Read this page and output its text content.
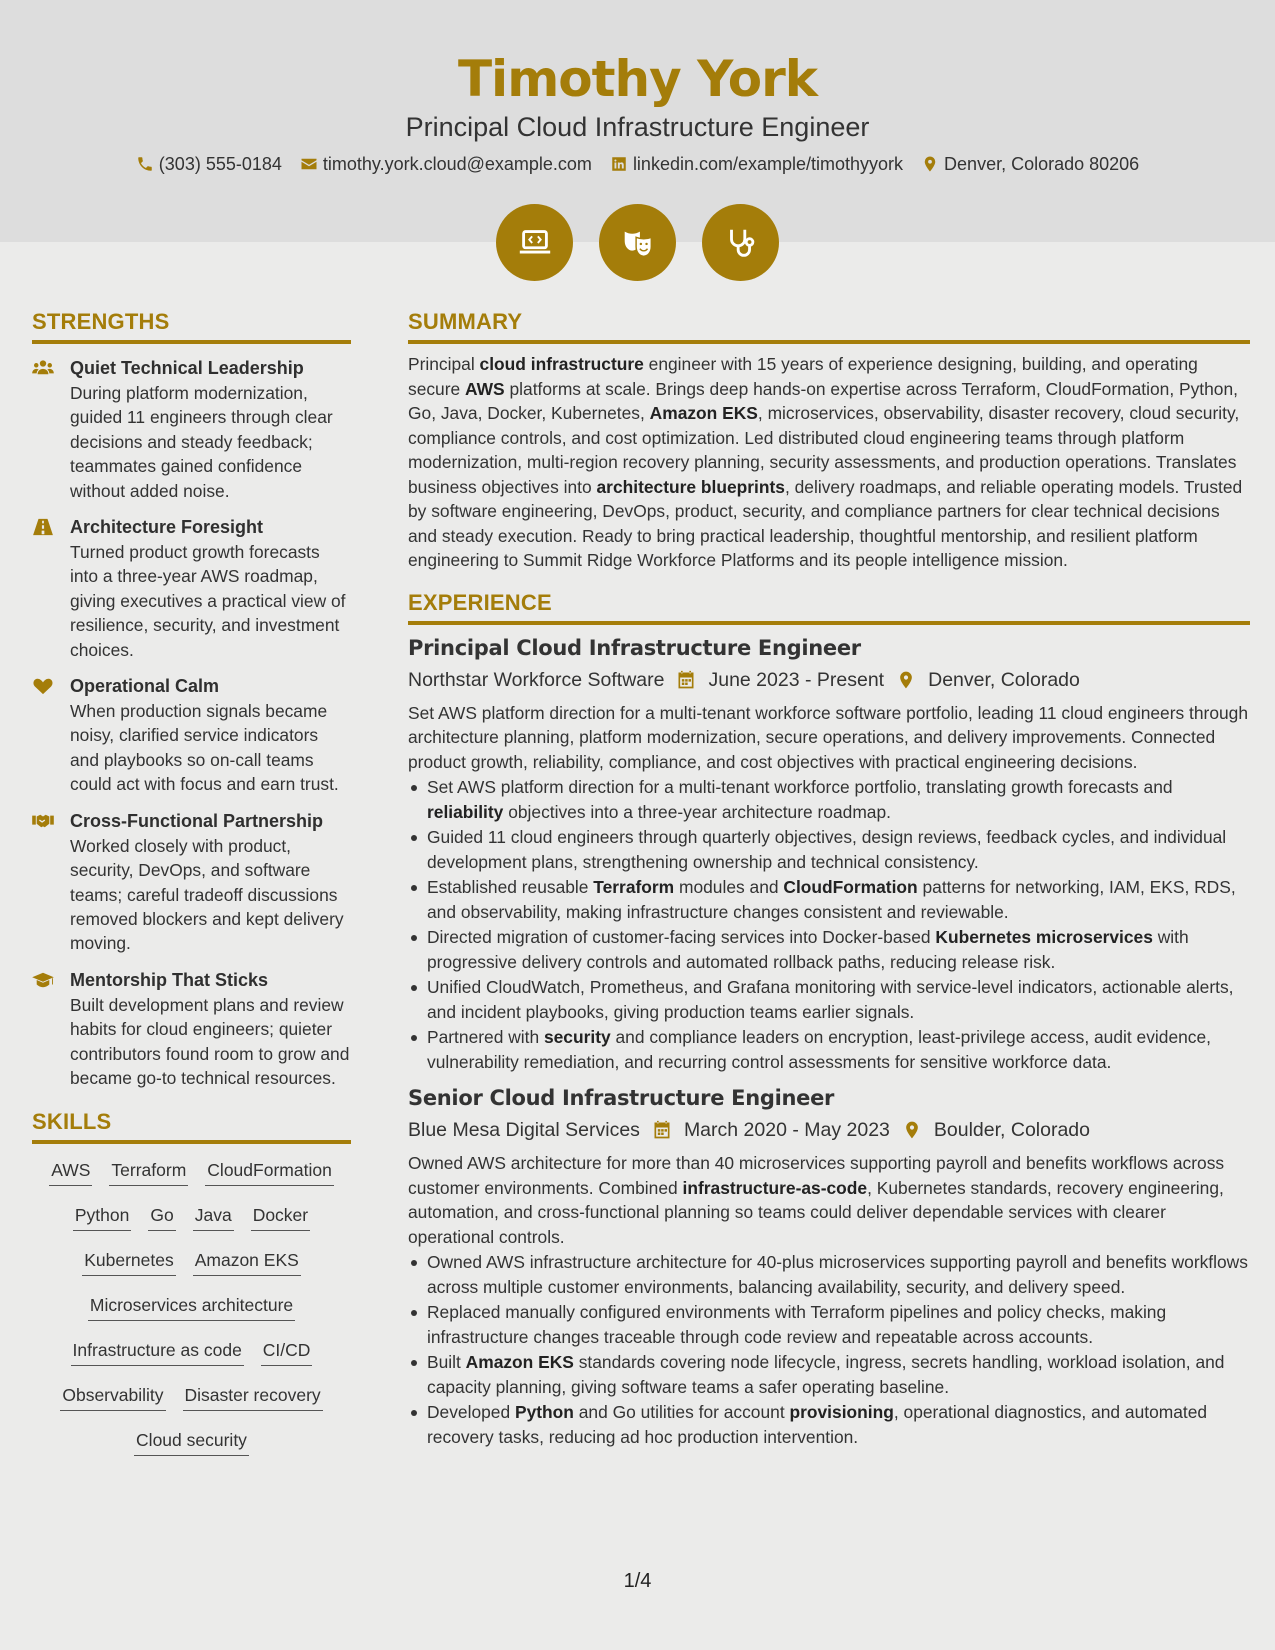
Timothy York
Principal Cloud Infrastructure Engineer
(303) 555-0184 timothy.york.cloud@example.com linkedin.com/example/timothyyork Denver, Colorado 80206
STRENGTHS
Quiet Technical Leadership
During platform modernization, guided 11 engineers through clear decisions and steady feedback; teammates gained confidence without added noise.
Architecture Foresight
Turned product growth forecasts into a three-year AWS roadmap, giving executives a practical view of resilience, security, and investment choices.
Operational Calm
When production signals became noisy, clarified service indicators and playbooks so on-call teams could act with focus and earn trust.
Cross-Functional Partnership
Worked closely with product, security, DevOps, and software teams; careful tradeoff discussions removed blockers and kept delivery moving.
Mentorship That Sticks
Built development plans and review habits for cloud engineers; quieter contributors found room to grow and became go-to technical resources.
SKILLS
AWS Terraform CloudFormation
Python Go Java Docker
Kubernetes Amazon EKS
Microservices architecture
Infrastructure as code CI/CD
Observability Disaster recovery
Cloud security
SUMMARY
Principal cloud infrastructure engineer with 15 years of experience designing, building, and operating secure AWS platforms at scale. Brings deep hands-on expertise across Terraform, CloudFormation, Python, Go, Java, Docker, Kubernetes, Amazon EKS, microservices, observability, disaster recovery, cloud security, compliance controls, and cost optimization. Led distributed cloud engineering teams through platform modernization, multi-region recovery planning, security assessments, and production operations. Translates business objectives into architecture blueprints, delivery roadmaps, and reliable operating models. Trusted by software engineering, DevOps, product, security, and compliance partners for clear technical decisions and steady execution. Ready to bring practical leadership, thoughtful mentorship, and resilient platform engineering to Summit Ridge Workforce Platforms and its people intelligence mission.
EXPERIENCE
Principal Cloud Infrastructure Engineer
Northstar Workforce Software June 2023 - Present Denver, Colorado
Set AWS platform direction for a multi-tenant workforce software portfolio, leading 11 cloud engineers through architecture planning, platform modernization, secure operations, and delivery improvements. Connected product growth, reliability, compliance, and cost objectives with practical engineering decisions.
Set AWS platform direction for a multi-tenant workforce portfolio, translating growth forecasts and reliability objectives into a three-year architecture roadmap.
Guided 11 cloud engineers through quarterly objectives, design reviews, feedback cycles, and individual development plans, strengthening ownership and technical consistency.
Established reusable Terraform modules and CloudFormation patterns for networking, IAM, EKS, RDS, and observability, making infrastructure changes consistent and reviewable.
Directed migration of customer-facing services into Docker-based Kubernetes microservices with progressive delivery controls and automated rollback paths, reducing release risk.
Unified CloudWatch, Prometheus, and Grafana monitoring with service-level indicators, actionable alerts, and incident playbooks, giving production teams earlier signals.
Partnered with security and compliance leaders on encryption, least-privilege access, audit evidence, vulnerability remediation, and recurring control assessments for sensitive workforce data.
Senior Cloud Infrastructure Engineer
Blue Mesa Digital Services March 2020 - May 2023 Boulder, Colorado
Owned AWS architecture for more than 40 microservices supporting payroll and benefits workflows across customer environments. Combined infrastructure-as-code, Kubernetes standards, recovery engineering, automation, and cross-functional planning so teams could deliver dependable services with clearer operational controls.
Owned AWS infrastructure architecture for 40-plus microservices supporting payroll and benefits workflows across multiple customer environments, balancing availability, security, and delivery speed.
Replaced manually configured environments with Terraform pipelines and policy checks, making infrastructure changes traceable through code review and repeatable across accounts.
Built Amazon EKS standards covering node lifecycle, ingress, secrets handling, workload isolation, and capacity planning, giving software teams a safer operating baseline.
Developed Python and Go utilities for account provisioning, operational diagnostics, and automated recovery tasks, reducing ad hoc production intervention.
1/4
